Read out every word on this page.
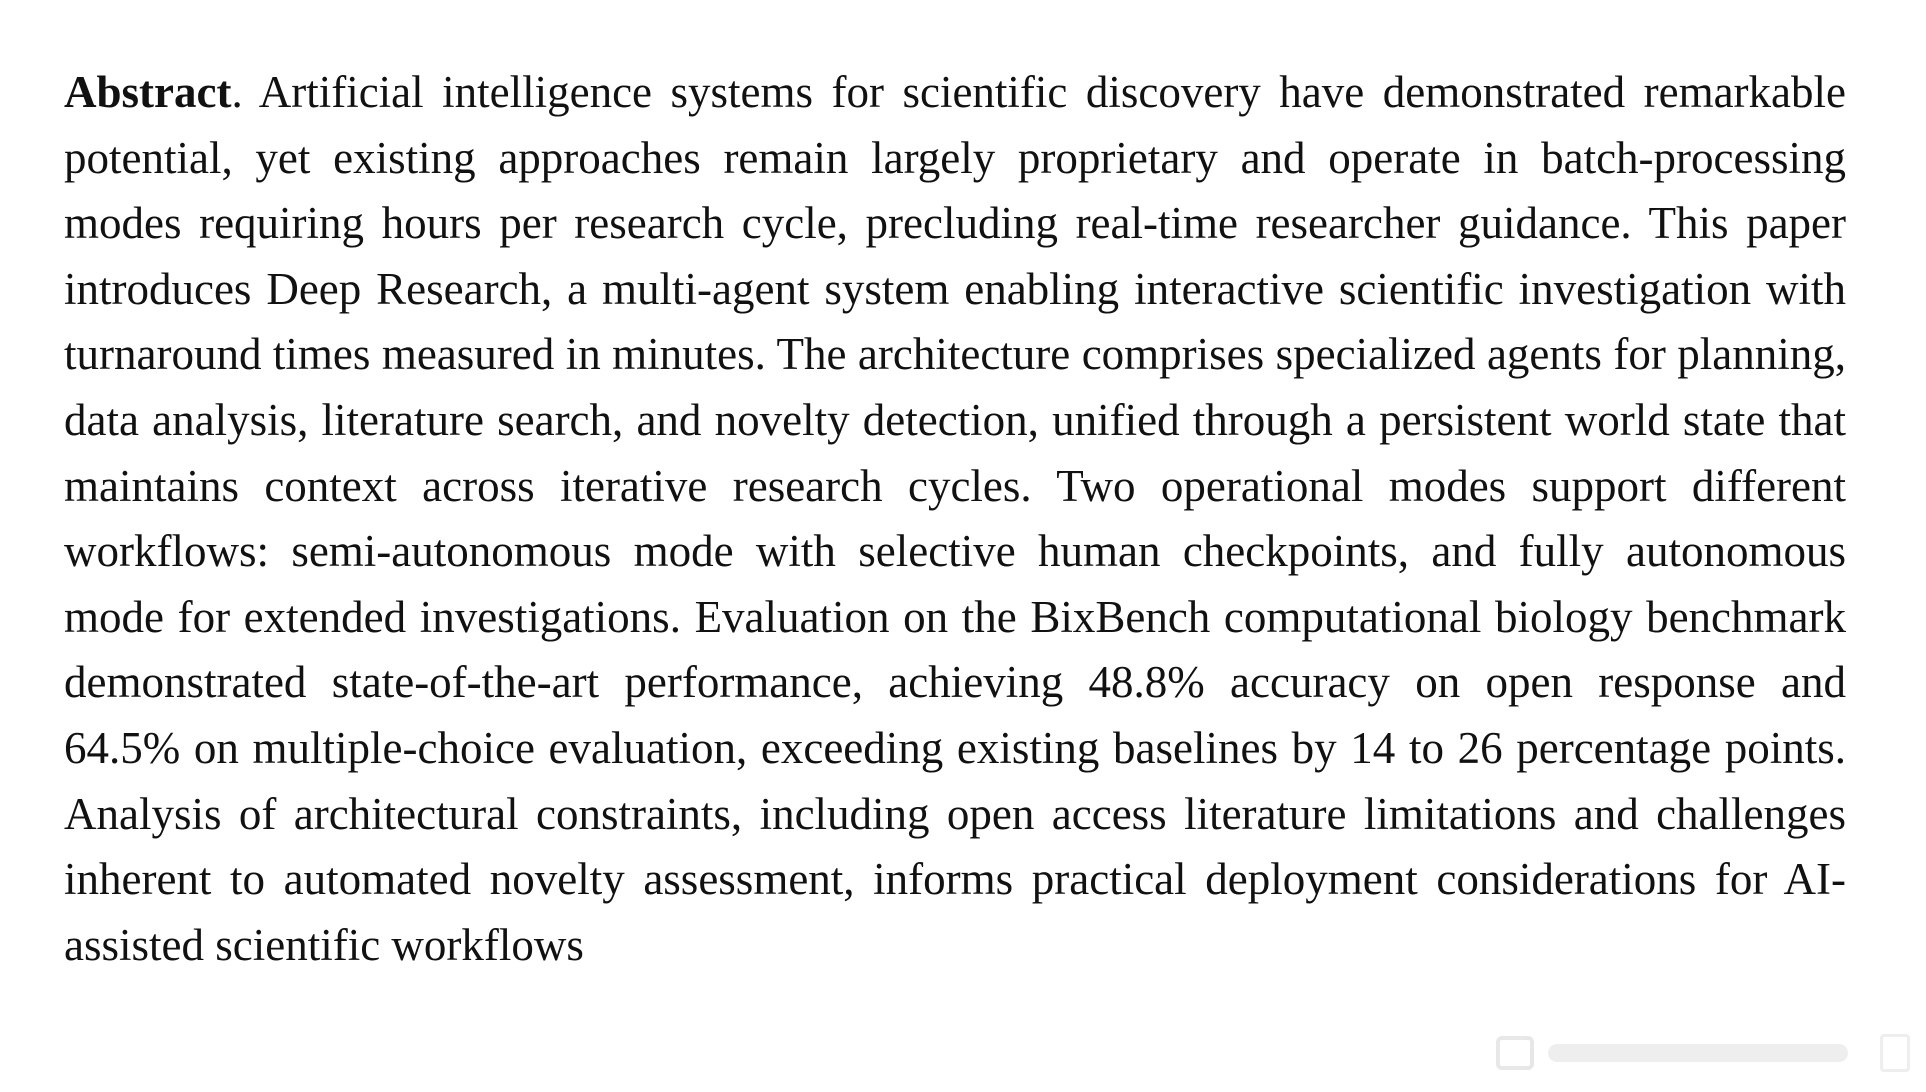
Abstract. Artificial intelligence systems for scientific discovery have demonstrated remarkable potential, yet existing approaches remain largely proprietary and operate in batch-processing modes requiring hours per research cycle, precluding real-time researcher guidance. This paper introduces Deep Research, a multi-agent system enabling interactive scientific investigation with turnaround times measured in minutes. The architecture comprises specialized agents for planning, data analysis, literature search, and novelty detection, unified through a persistent world state that maintains context across iterative research cycles. Two operational modes support different workflows: semi-autonomous mode with selective human checkpoints, and fully autonomous mode for extended investigations. Evaluation on the BixBench computational biology benchmark demonstrated state-of-the-art performance, achieving 48.8% accuracy on open response and 64.5% on multiple-choice evaluation, exceeding existing baselines by 14 to 26 percentage points. Analysis of architectural constraints, including open access literature limitations and challenges inherent to automated novelty assessment, informs practical deployment considerations for AI-assisted scientific workflows
